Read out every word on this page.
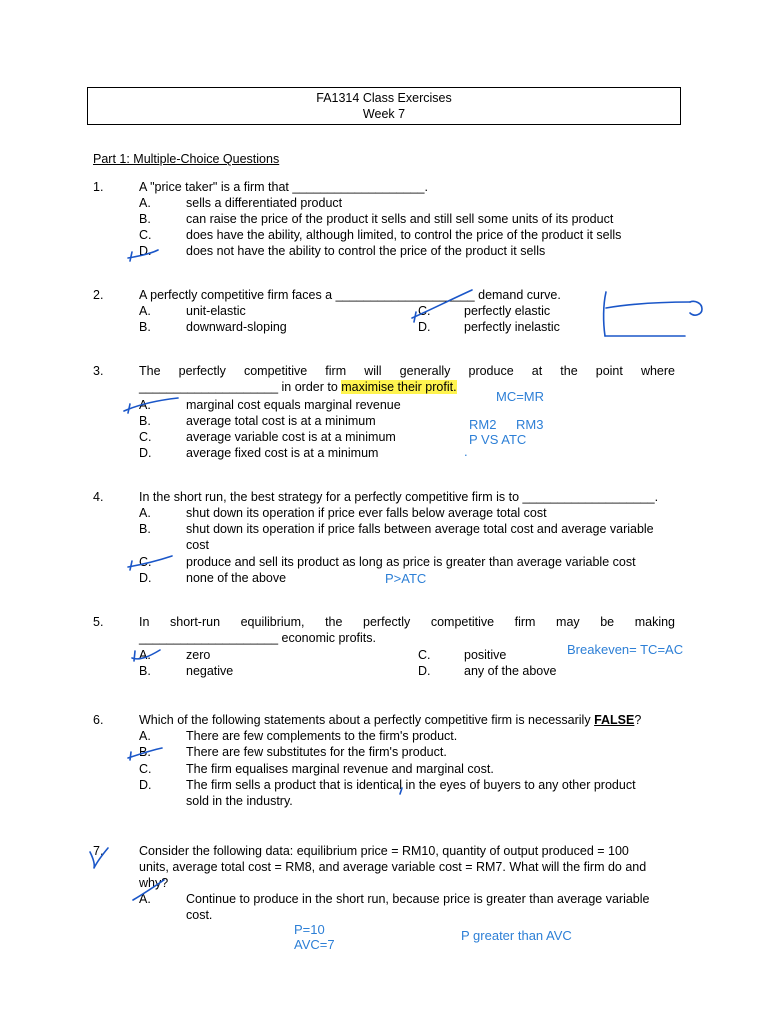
FA1314 Class Exercises
Week 7
Part 1: Multiple-Choice Questions
1.	A "price taker" is a firm that ___________________.
A.	sells a differentiated product
B.	can raise the price of the product it sells and still sell some units of its product
C.	does have the ability, although limited, to control the price of the product it sells
D.	does not have the ability to control the price of the product it sells
2.	A perfectly competitive firm faces a ____________________ demand curve.
A.	unit-elastic	C.	perfectly elastic
B.	downward-sloping	D.	perfectly inelastic
3.	The perfectly competitive firm will generally produce at the point where
____________________ in order to maximise their profit.
A.	marginal cost equals marginal revenue
B.	average total cost is at a minimum
C.	average variable cost is at a minimum
D.	average fixed cost is at a minimum
4.	In the short run, the best strategy for a perfectly competitive firm is to ___________________.
A.	shut down its operation if price ever falls below average total cost
B.	shut down its operation if price falls between average total cost and average variable
cost
C.	produce and sell its product as long as price is greater than average variable cost
D.	none of the above
5.	In short-run equilibrium, the perfectly competitive firm may be making
____________________ economic profits.
A.	zero	C.	positive
B.	negative	D.	any of the above
6.	Which of the following statements about a perfectly competitive firm is necessarily FALSE?
A.	There are few complements to the firm's product.
B.	There are few substitutes for the firm's product.
C.	The firm equalises marginal revenue and marginal cost.
D.	The firm sells a product that is identical in the eyes of buyers to any other product
sold in the industry.
7.	Consider the following data: equilibrium price = RM10, quantity of output produced = 100
units, average total cost = RM8, and average variable cost = RM7. What will the firm do and
why?
A.	Continue to produce in the short run, because price is greater than average variable
cost.
MC=MR
RM2 RM3
P VS ATC
.
P>ATC
Breakeven= TC=AC
P=10
AVC=7
P greater than AVC
